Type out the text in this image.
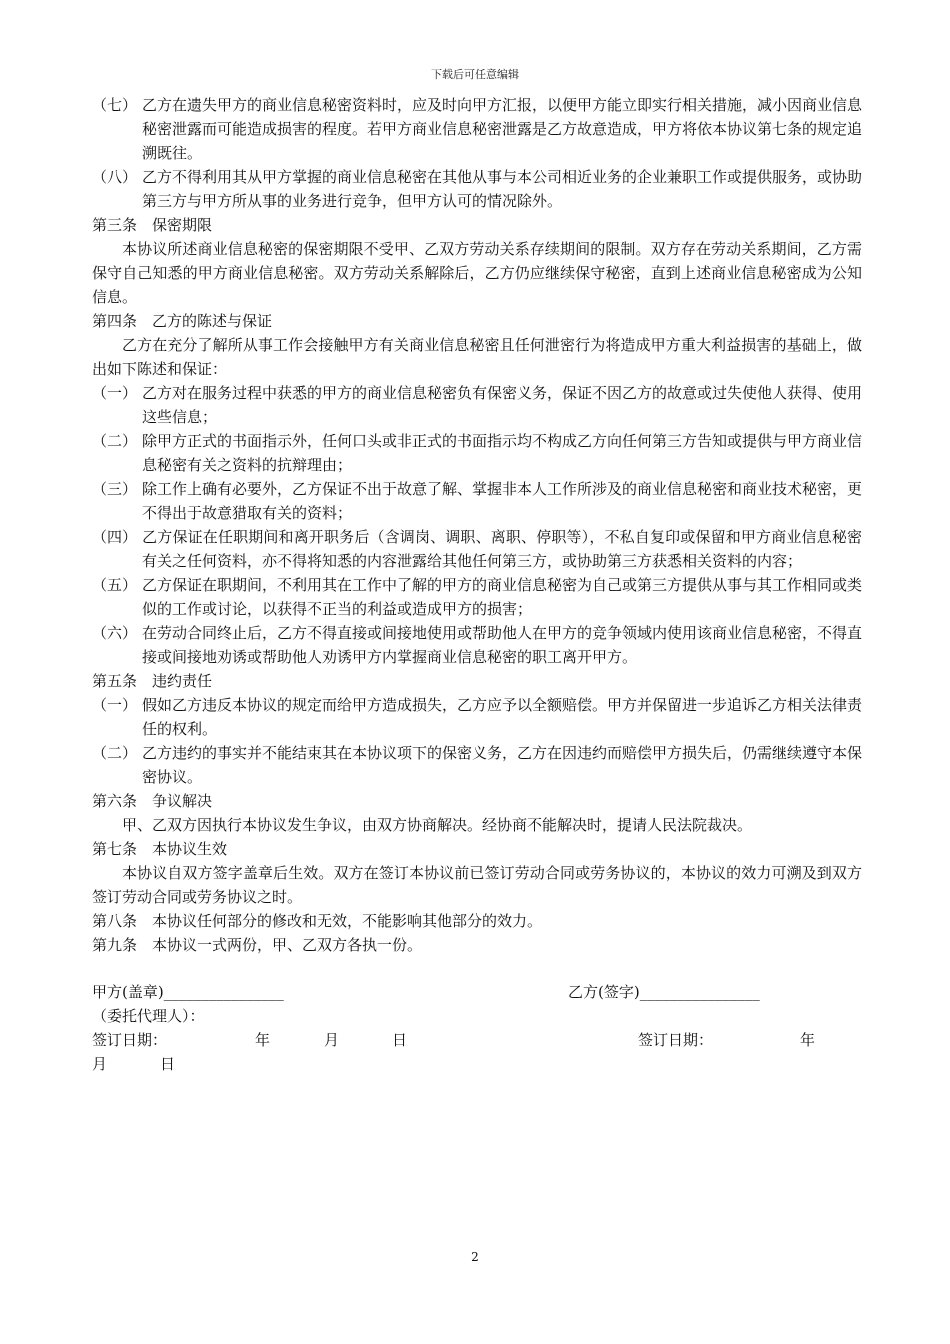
下载后可任意编辑

（七） 乙方在遗失甲方的商业信息秘密资料时，应及时向甲方汇报，以便甲方能立即实行相关措施，减小因商业信息秘密泄露而可能造成损害的程度。若甲方商业信息秘密泄露是乙方故意造成，甲方将依本协议第七条的规定追溯既往。

（八） 乙方不得利用其从甲方掌握的商业信息秘密在其他从事与本公司相近业务的企业兼职工作或提供服务，或协助第三方与甲方所从事的业务进行竞争，但甲方认可的情况除外。

第三条　保密期限

本协议所述商业信息秘密的保密期限不受甲、乙双方劳动关系存续期间的限制。双方存在劳动关系期间，乙方需保守自己知悉的甲方商业信息秘密。双方劳动关系解除后，乙方仍应继续保守秘密，直到上述商业信息秘密成为公知信息。

第四条　乙方的陈述与保证

乙方在充分了解所从事工作会接触甲方有关商业信息秘密且任何泄密行为将造成甲方重大利益损害的基础上，做出如下陈述和保证：

（一） 乙方对在服务过程中获悉的甲方的商业信息秘密负有保密义务，保证不因乙方的故意或过失使他人获得、使用这些信息；

（二） 除甲方正式的书面指示外，任何口头或非正式的书面指示均不构成乙方向任何第三方告知或提供与甲方商业信息秘密有关之资料的抗辩理由；

（三） 除工作上确有必要外，乙方保证不出于故意了解、掌握非本人工作所涉及的商业信息秘密和商业技术秘密，更不得出于故意猎取有关的资料；

（四） 乙方保证在任职期间和离开职务后（含调岗、调职、离职、停职等），不私自复印或保留和甲方商业信息秘密有关之任何资料，亦不得将知悉的内容泄露给其他任何第三方，或协助第三方获悉相关资料的内容；

（五） 乙方保证在职期间，不利用其在工作中了解的甲方的商业信息秘密为自己或第三方提供从事与其工作相同或类似的工作或讨论，以获得不正当的利益或造成甲方的损害；

（六） 在劳动合同终止后，乙方不得直接或间接地使用或帮助他人在甲方的竞争领域内使用该商业信息秘密，不得直接或间接地劝诱或帮助他人劝诱甲方内掌握商业信息秘密的职工离开甲方。

第五条　违约责任

（一） 假如乙方违反本协议的规定而给甲方造成损失，乙方应予以全额赔偿。甲方并保留进一步追诉乙方相关法律责任的权利。

（二） 乙方违约的事实并不能结束其在本协议项下的保密义务，乙方在因违约而赔偿甲方损失后，仍需继续遵守本保密协议。

第六条　争议解决

甲、乙双方因执行本协议发生争议，由双方协商解决。经协商不能解决时，提请人民法院裁决。

第七条　本协议生效

本协议自双方签字盖章后生效。双方在签订本协议前已签订劳动合同或劳务协议的，本协议的效力可溯及到双方签订劳动合同或劳务协议之时。

第八条　本协议任何部分的修改和无效，不能影响其他部分的效力。

第九条　本协议一式两份，甲、乙双方各执一份。

甲方(盖章)________________	乙方(签字)________________
（委托代理人）：
签订日期：	年	月	日	签订日期：	年
月	日
2
